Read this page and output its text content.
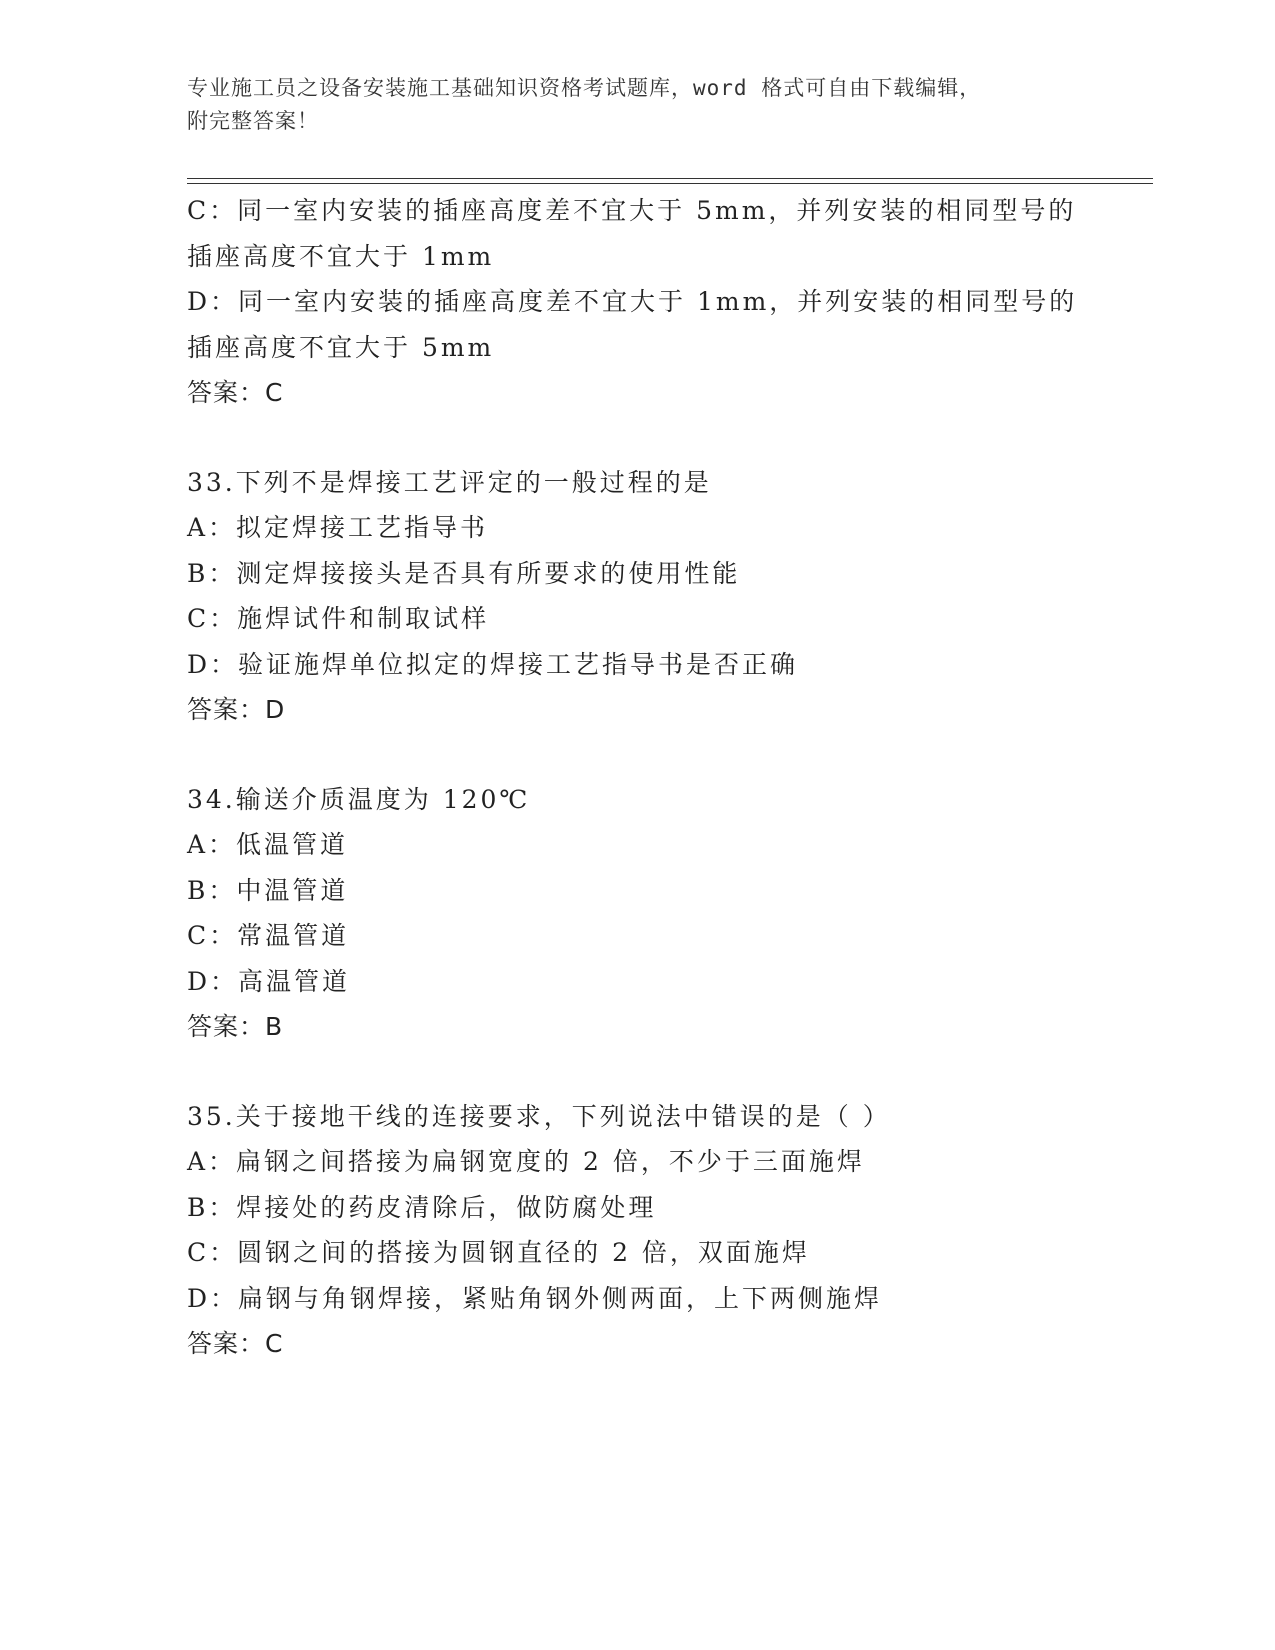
专业施工员之设备安装施工基础知识资格考试题库，word 格式可自由下载编辑，
附完整答案！
C：同一室内安装的插座高度差不宜大于 5mm，并列安装的相同型号的
插座高度不宜大于 1mm
D：同一室内安装的插座高度差不宜大于 1mm，并列安装的相同型号的
插座高度不宜大于 5mm
答案：C
33.下列不是焊接工艺评定的一般过程的是
A：拟定焊接工艺指导书
B：测定焊接接头是否具有所要求的使用性能
C：施焊试件和制取试样
D：验证施焊单位拟定的焊接工艺指导书是否正确
答案：D
34.输送介质温度为 120℃
A：低温管道
B：中温管道
C：常温管道
D：高温管道
答案：B
35.关于接地干线的连接要求，下列说法中错误的是（ ）
A：扁钢之间搭接为扁钢宽度的 2 倍，不少于三面施焊
B：焊接处的药皮清除后，做防腐处理
C：圆钢之间的搭接为圆钢直径的 2 倍，双面施焊
D：扁钢与角钢焊接，紧贴角钢外侧两面，上下两侧施焊
答案：C
